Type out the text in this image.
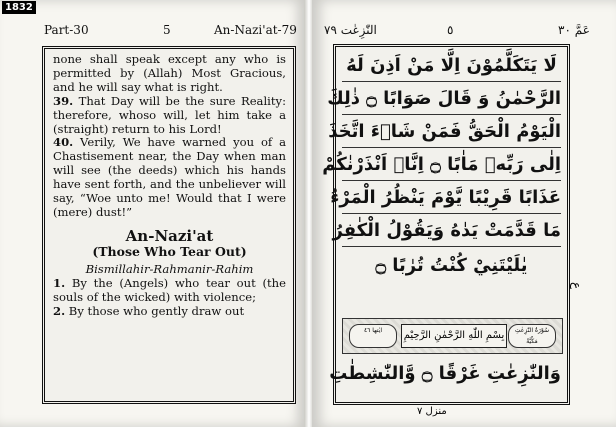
1832
Part-30	5	An-Nazi'at-79

none shall speak except any who is permitted by (Allah) Most Gracious, and he will say what is right.

39. That Day will be the sure Reality: therefore, whoso will, let him take a (straight) return to his Lord!

40. Verily, We have warned you of a Chastisement near, the Day when man will see (the deeds) which his hands have sent forth, and the unbeliever will say, “Woe unto me! Would that I were (mere) dust!”

An-Nazi'at
(Those Who Tear Out)
Bismillahir-Rahmanir-Rahim

1. By the (Angels) who tear out (the souls of the wicked) with violence;

2. By those who gently draw out

عَمَّ ٣٠
٥
النّٰزِعٰت ٧٩
لَا يَتَكَلَّمُوْنَ اِلَّا مَنْ اَذِنَ لَهُ
الرَّحْمٰنُ وَ قَالَ صَوَابًا ۝ ذٰلِكَ
الْيَوْمُ الْحَقُّ فَمَنْ شَاۤءَ اتَّخَذَ
اِلٰى رَبِّهٖ مَاٰبًا ۝ اِنَّاۤ اَنْذَرْنٰكُمْ
عَذَابًا قَرِيْبًا يَّوْمَ يَنْظُرُ الْمَرْءُ
مَا قَدَّمَتْ يَدٰهُ وَيَقُوْلُ الْكٰفِرُ
يٰلَيْتَنِيْ كُنْتُ تُرٰبًا ۝
ايٰتها ٤٦	بِسْمِ اللّٰهِ الرَّحْمٰنِ الرَّحِيْمِ	سُوْرَةُ النّٰزِعٰتِ مَكِّيَّةٌ
وَالنّٰزِعٰتِ غَرْقًا ۝ وَّالنّٰشِطٰتِ
ع
منزل ٧
